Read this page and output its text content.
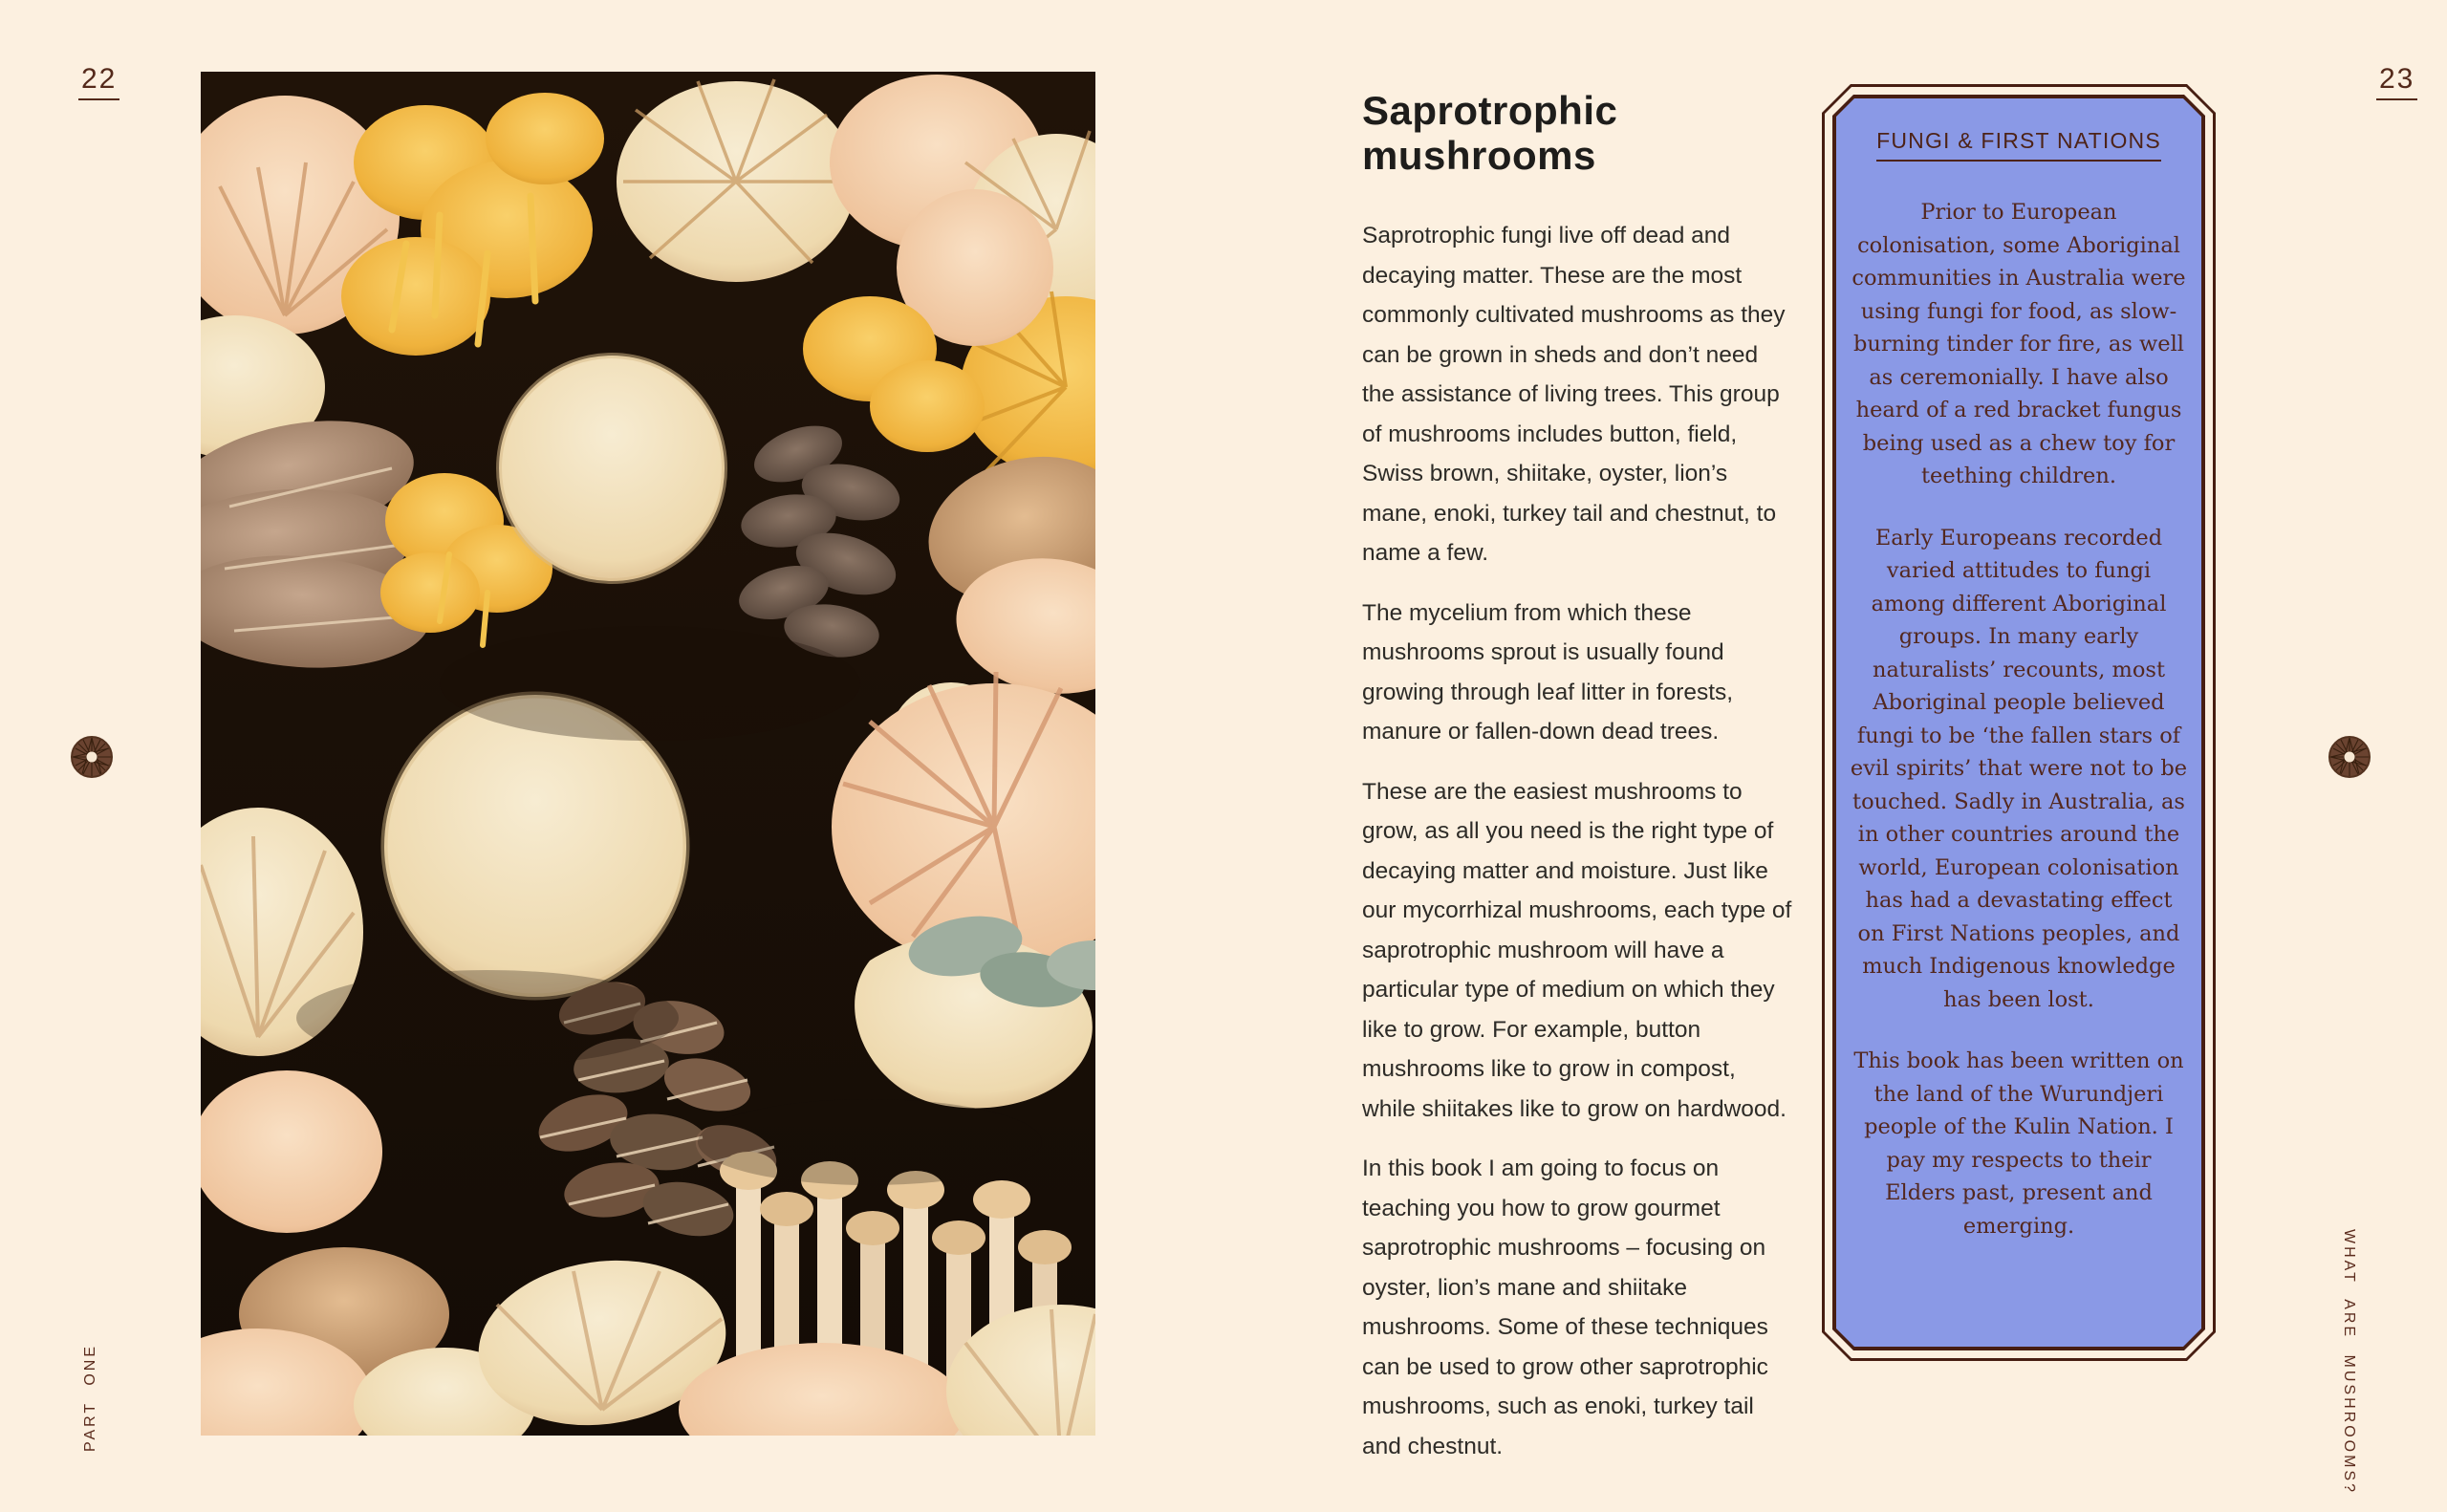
22	23
PART ONE	WHAT ARE MUSHROOMS?
Saprotrophic mushrooms

Saprotrophic fungi live off dead and decaying matter. These are the most commonly cultivated mushrooms as they can be grown in sheds and don’t need the assistance of living trees. This group of mushrooms includes button, field, Swiss brown, shiitake, oyster, lion’s mane, enoki, turkey tail and chestnut, to name a few.

The mycelium from which these mushrooms sprout is usually found growing through leaf litter in forests, manure or fallen-down dead trees.

These are the easiest mushrooms to grow, as all you need is the right type of decaying matter and moisture. Just like our mycorrhizal mushrooms, each type of saprotrophic mushroom will have a particular type of medium on which they like to grow. For example, button mushrooms like to grow in compost, while shiitakes like to grow on hardwood.

In this book I am going to focus on teaching you how to grow gourmet saprotrophic mushrooms – focusing on oyster, lion’s mane and shiitake mushrooms. Some of these techniques can be used to grow other saprotrophic mushrooms, such as enoki, turkey tail and chestnut.

FUNGI & FIRST NATIONS

Prior to European colonisation, some Aboriginal communities in Australia were using fungi for food, as slow-burning tinder for fire, as well as ceremonially. I have also heard of a red bracket fungus being used as a chew toy for teething children.

Early Europeans recorded varied attitudes to fungi among different Aboriginal groups. In many early naturalists’ recounts, most Aboriginal people believed fungi to be ‘the fallen stars of evil spirits’ that were not to be touched. Sadly in Australia, as in other countries around the world, European colonisation has had a devastating effect on First Nations peoples, and much Indigenous knowledge has been lost.

This book has been written on the land of the Wurundjeri people of the Kulin Nation. I pay my respects to their Elders past, present and emerging.
